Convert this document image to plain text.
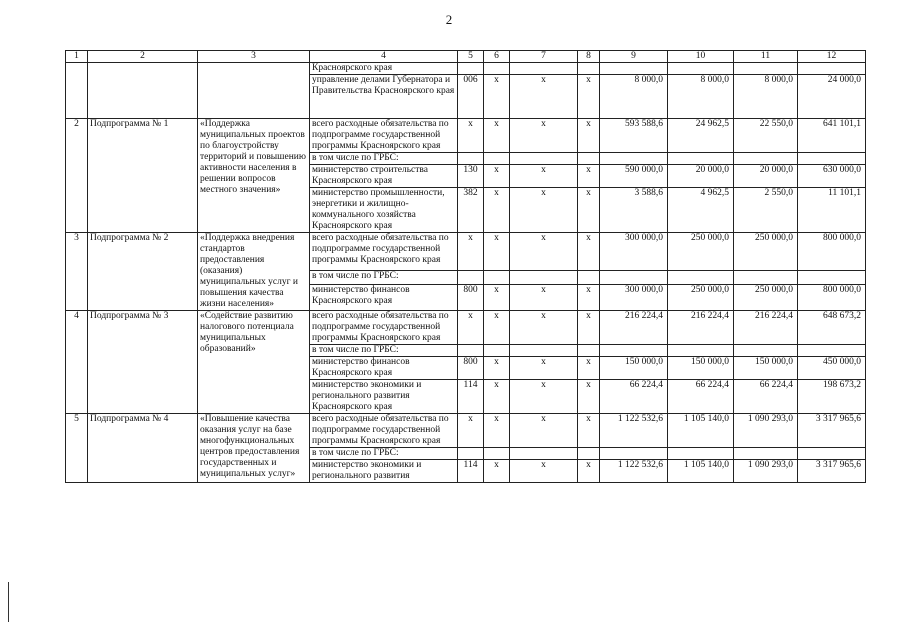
2
1	2	3	4	5	6	7	8	9	10	11	12
			Красноярского края								
			управление делами Губернатора и Правительства Красноярского края	006	х	х	х	8 000,0	8 000,0	8 000,0	24 000,0
2	Подпрограмма № 1	«Поддержка муниципальных проектов по благоустройству территорий и повышению активности населения в решении вопросов местного значения»	всего расходные обязательства по подпрограмме государственной программы Красноярского края	х	х	х	х	593 588,6	24 962,5	22 550,0	641 101,1
			в том числе по ГРБС:								
			министерство строительства Красноярского края	130	х	х	х	590 000,0	20 000,0	20 000,0	630 000,0
			министерство промышленности, энергетики и жилищно-коммунального хозяйства Красноярского края	382	х	х	х	3 588,6	4 962,5	2 550,0	11 101,1
3	Подпрограмма № 2	«Поддержка внедрения стандартов предоставления (оказания) муниципальных услуг и повышения качества жизни населения»	всего расходные обязательства по подпрограмме государственной программы Красноярского края	х	х	х	х	300 000,0	250 000,0	250 000,0	800 000,0
			в том числе по ГРБС:								
			министерство финансов Красноярского края	800	х	х	х	300 000,0	250 000,0	250 000,0	800 000,0
4	Подпрограмма № 3	«Содействие развитию налогового потенциала муниципальных образований»	всего расходные обязательства по подпрограмме государственной программы Красноярского края	х	х	х	х	216 224,4	216 224,4	216 224,4	648 673,2
			в том числе по ГРБС:								
			министерство финансов Красноярского края	800	х	х	х	150 000,0	150 000,0	150 000,0	450 000,0
			министерство экономики и регионального развития Красноярского края	114	х	х	х	66 224,4	66 224,4	66 224,4	198 673,2
5	Подпрограмма № 4	«Повышение качества оказания услуг на базе многофункциональных центров предоставления государственных и муниципальных услуг»	всего расходные обязательства по подпрограмме государственной программы Красноярского края	х	х	х	х	1 122 532,6	1 105 140,0	1 090 293,0	3 317 965,6
			в том числе по ГРБС:								
			министерство экономики и регионального развития	114	х	х	х	1 122 532,6	1 105 140,0	1 090 293,0	3 317 965,6
